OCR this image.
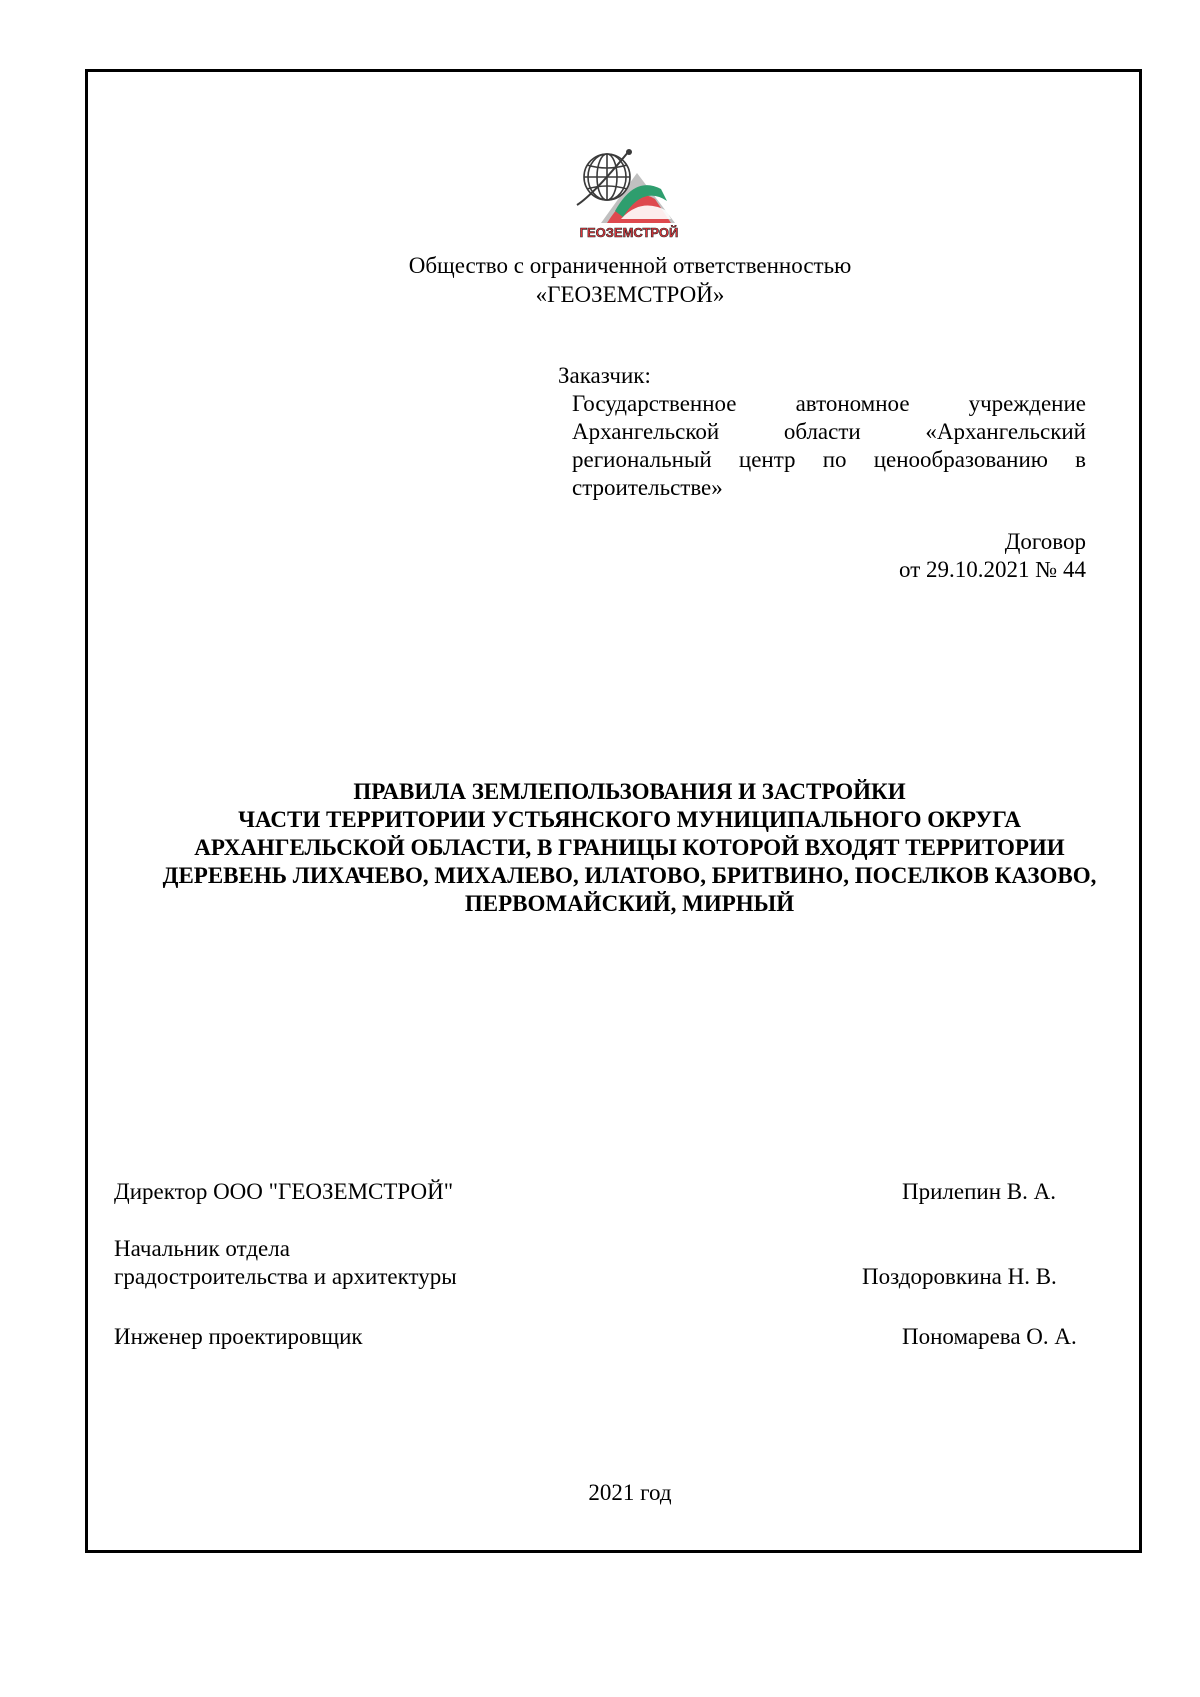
ГЕОЗЕМСТРОЙ
Общество с ограниченной ответственностью
«ГЕОЗЕМСТРОЙ»
Заказчик:
Государственное автономное учреждение
Архангельской области «Архангельский
региональный центр по ценообразованию в
строительстве»
Договор
от 29.10.2021 № 44
ПРАВИЛА ЗЕМЛЕПОЛЬЗОВАНИЯ И ЗАСТРОЙКИ
ЧАСТИ ТЕРРИТОРИИ УСТЬЯНСКОГО МУНИЦИПАЛЬНОГО ОКРУГА
АРХАНГЕЛЬСКОЙ ОБЛАСТИ, В ГРАНИЦЫ КОТОРОЙ ВХОДЯТ ТЕРРИТОРИИ
ДЕРЕВЕНЬ ЛИХАЧЕВО, МИХАЛЕВО, ИЛАТОВО, БРИТВИНО, ПОСЕЛКОВ КАЗОВО,
ПЕРВОМАЙСКИЙ, МИРНЫЙ
Директор ООО "ГЕОЗЕМСТРОЙ"	Прилепин В. А.
Начальник отдела
градостроительства и архитектуры	Поздоровкина Н. В.
Инженер проектировщик	Пономарева О. А.
2021 год
